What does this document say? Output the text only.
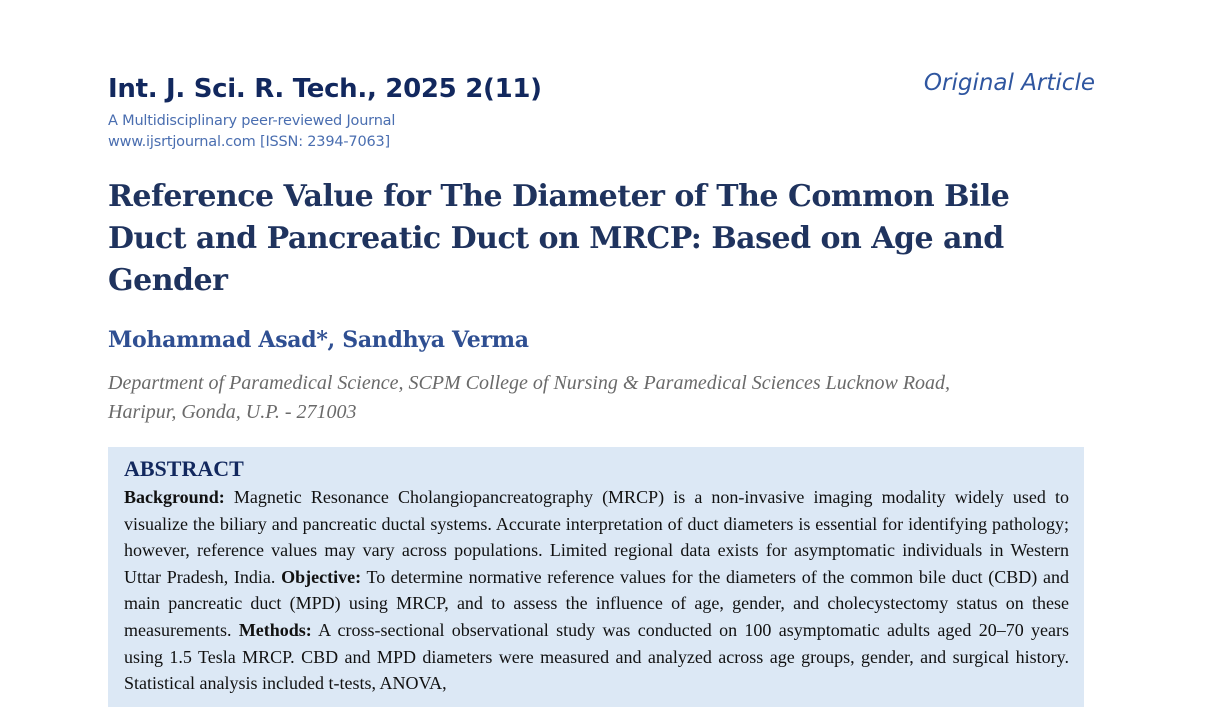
Int. J. Sci. R. Tech., 2025 2(11)
A Multidisciplinary peer-reviewed Journal
www.ijsrtjournal.com [ISSN: 2394-7063]
Original Article
Reference Value for The Diameter of The Common Bile Duct and Pancreatic Duct on MRCP: Based on Age and Gender
Mohammad Asad*, Sandhya Verma
Department of Paramedical Science, SCPM College of Nursing & Paramedical Sciences Lucknow Road,
Haripur, Gonda, U.P. - 271003
ABSTRACT

Background: Magnetic Resonance Cholangiopancreatography (MRCP) is a non-invasive imaging modality widely used to visualize the biliary and pancreatic ductal systems. Accurate interpretation of duct diameters is essential for identifying pathology; however, reference values may vary across populations. Limited regional data exists for asymptomatic individuals in Western Uttar Pradesh, India. Objective: To determine normative reference values for the diameters of the common bile duct (CBD) and main pancreatic duct (MPD) using MRCP, and to assess the influence of age, gender, and cholecystectomy status on these measurements. Methods: A cross-sectional observational study was conducted on 100 asymptomatic adults aged 20–70 years using 1.5 Tesla MRCP. CBD and MPD diameters were measured and analyzed across age groups, gender, and surgical history. Statistical analysis included t-tests, ANOVA,
